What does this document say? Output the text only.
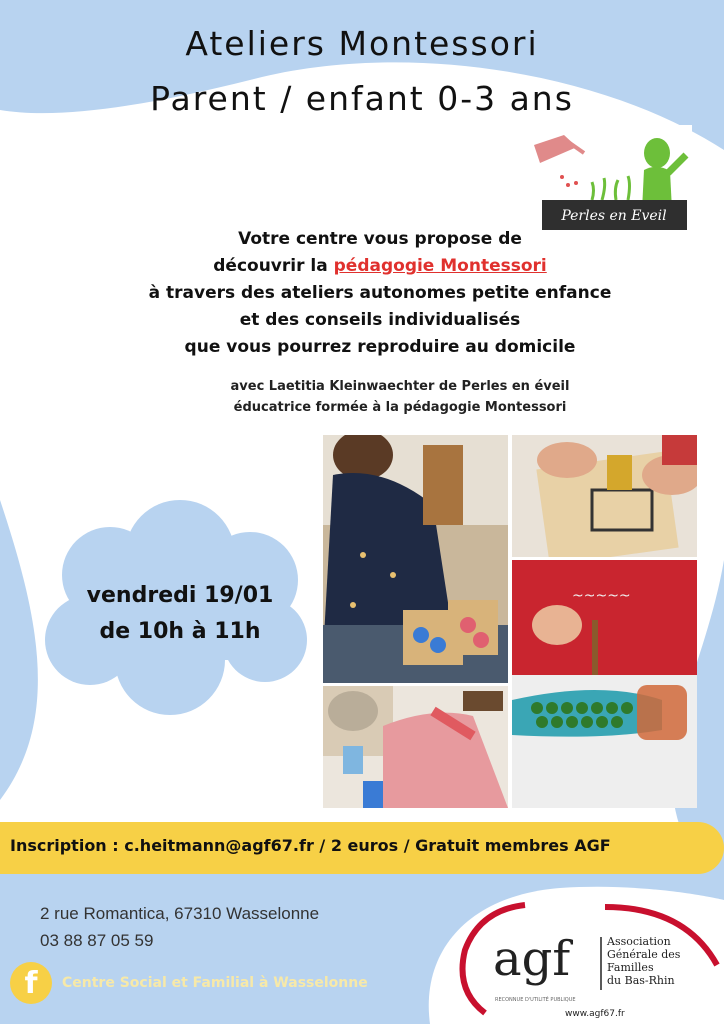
Ateliers Montessori
Parent / enfant 0-3 ans
Perles en Eveil
Votre centre vous propose de
découvrir la pédagogie Montessori
à travers des ateliers autonomes petite enfance
et des conseils individualisés
que vous pourrez reproduire au domicile
avec Laetitia Kleinwaechter de Perles en éveil
éducatrice formée à la pédagogie Montessori
vendredi 19/01
de 10h à 11h
~~~~~
Inscription : c.heitmann@agf67.fr / 2 euros / Gratuit membres AGF
2 rue Romantica, 67310 Wasselonne
03 88 87 05 59
f	Centre Social et Familial à Wasselonne	agf	Association
Générale des
Familles
du Bas-Rhin
RECONNUE D'UTILITÉ PUBLIQUE
www.agf67.fr
